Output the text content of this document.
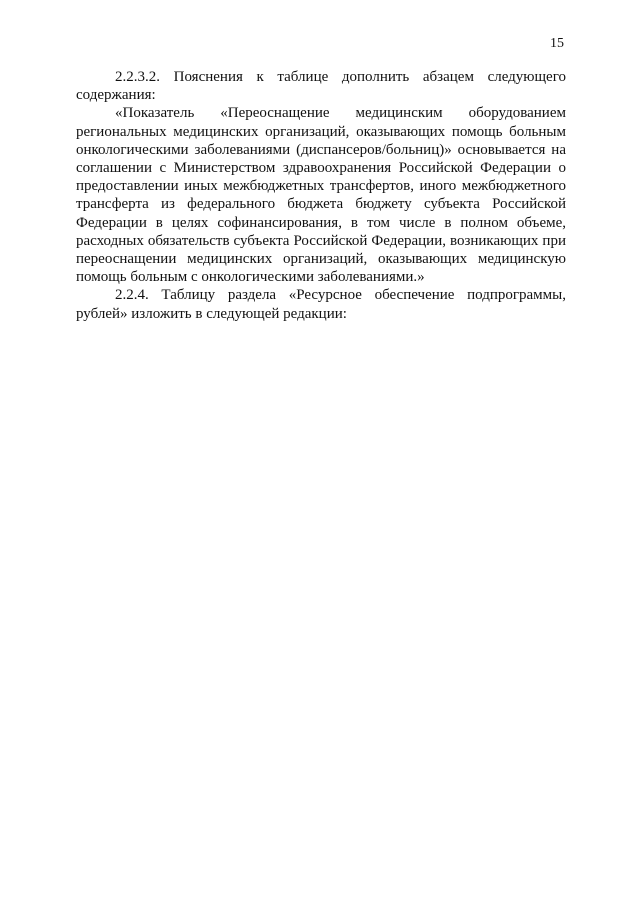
15

2.2.3.2. Пояснения к таблице дополнить абзацем следующего содержания:

«Показатель «Переоснащение медицинским оборудованием региональных медицинских организаций, оказывающих помощь больным онкологическими заболеваниями (диспансеров/больниц)» основывается на соглашении с Министерством здравоохранения Российской Федерации о предоставлении иных межбюджетных трансфертов, иного межбюджетного трансферта из федерального бюджета бюджету субъекта Российской Федерации в целях софинансирования, в том числе в полном объеме, расходных обязательств субъекта Российской Федерации, возникающих при переоснащении медицинских организаций, оказывающих медицинскую помощь больным с онкологическими заболеваниями.»

2.2.4. Таблицу раздела «Ресурсное обеспечение подпрограммы, рублей» изложить в следующей редакции:
